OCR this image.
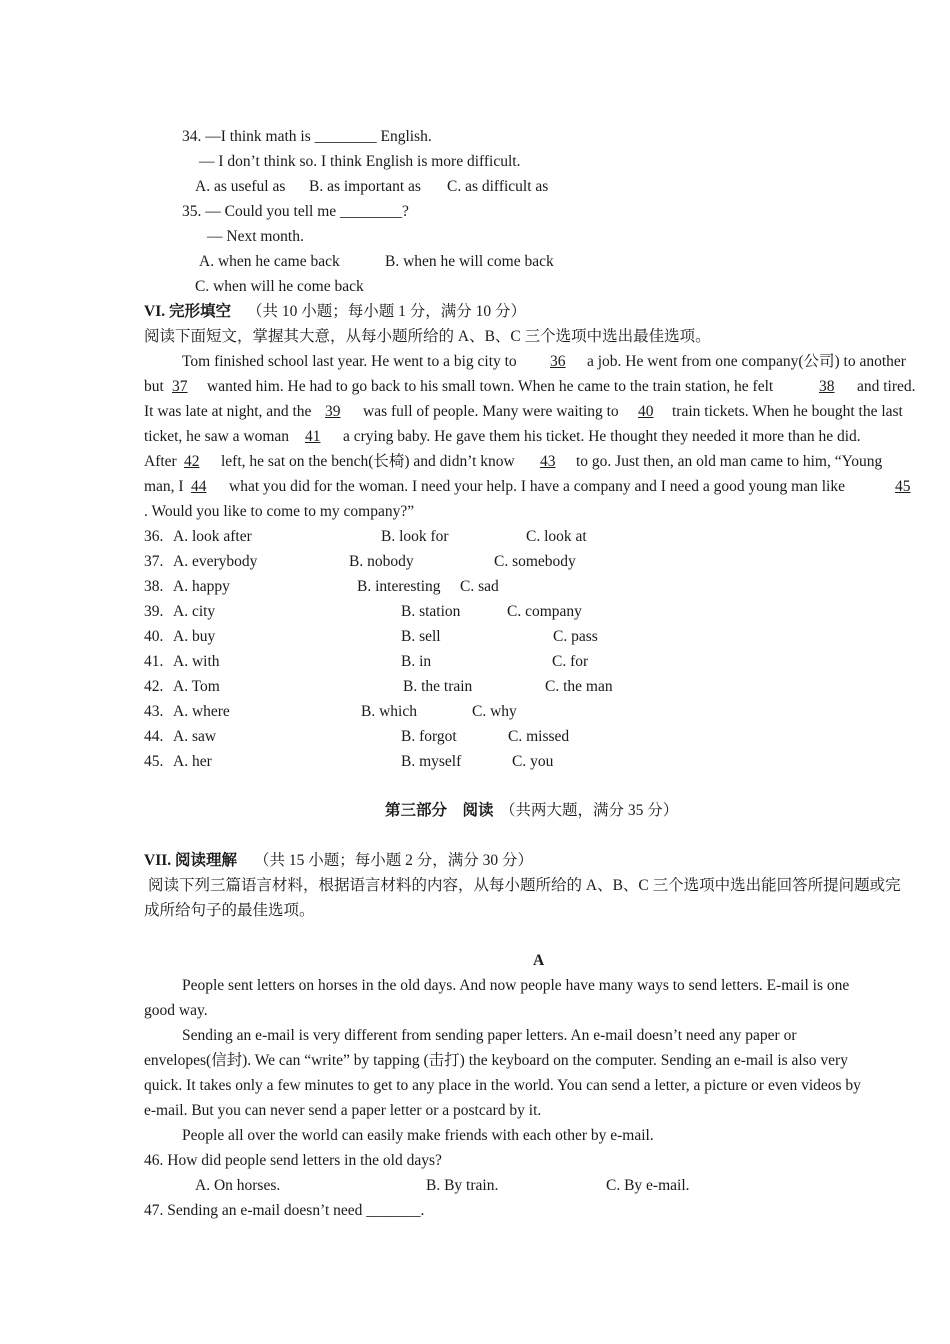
34. —I think math is ________ English.
— I don’t think so. I think English is more difficult.
A. as useful as B. as important as C. as difficult as
35. — Could you tell me ________?
— Next month.
A. when he came back	B. when he will come back
C. when will he come back
VI. 完形填空 （共 10 小题；每小题 1 分，满分 10 分）
阅读下面短文，掌握其大意，从每小题所给的 A、B、C 三个选项中选出最佳选项。
Tom finished school last year. He went to a big city to 36 a job. He went from one company(公司) to another
but 37 wanted him. He had to go back to his small town. When he came to the train station, he felt	38 and tired.
It was late at night, and the 39 was full of people. Many were waiting to 40 train tickets. When he bought the last
ticket, he saw a woman 41 a crying baby. He gave them his ticket. He thought they needed it more than he did.
After 42 left, he sat on the bench(长椅) and didn’t know 43 to go. Just then, an old man came to him, “Young
man, I 44 what you did for the woman. I need your help. I have a company and I need a good young man like	45
. Would you like to come to my company?”
36. A. look after	B. look for	C. look at
37. A. everybody	B. nobody	C. somebody
38. A. happy	B. interesting C. sad
39. A. city	B. station	C. company
40. A. buy	B. sell	C. pass
41. A. with	B. in	C. for
42. A. Tom	B. the train	C. the man
43. A. where	B. which	C. why
44. A. saw	B. forgot	C. missed
45. A. her	B. myself	C. you
第三部分　阅读 （共两大题，满分 35 分）
VII. 阅读理解 （共 15 小题；每小题 2 分，满分 30 分）
阅读下列三篇语言材料，根据语言材料的内容，从每小题所给的 A、B、C 三个选项中选出能回答所提问题或完
成所给句子的最佳选项。
A
People sent letters on horses in the old days. And now people have many ways to send letters. E-mail is one
good way.
Sending an e-mail is very different from sending paper letters. An e-mail doesn’t need any paper or
envelopes(信封). We can “write” by tapping (击打) the keyboard on the computer. Sending an e-mail is also very
quick. It takes only a few minutes to get to any place in the world. You can send a letter, a picture or even videos by
e-mail. But you can never send a paper letter or a postcard by it.
People all over the world can easily make friends with each other by e-mail.
46. How did people send letters in the old days?
A. On horses.	B. By train.	C. By e-mail.
47. Sending an e-mail doesn’t need _______.
